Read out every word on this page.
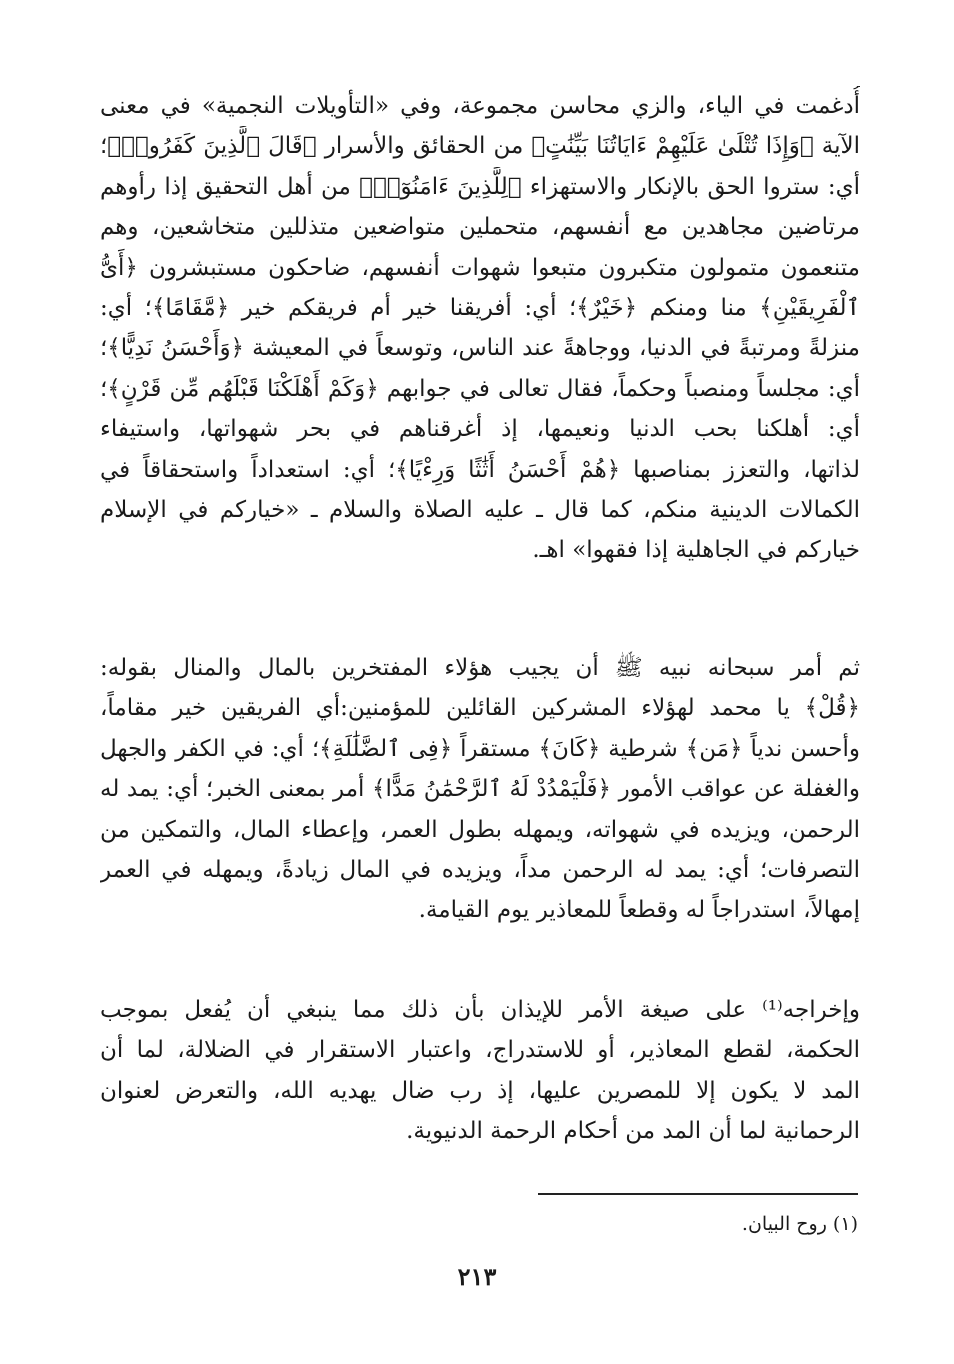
أُدغمت في الياء، والزي محاسن مجموعة، وفي «التأويلات النجمية» في معنى
الآية ﴿وَإِذَا تُتْلَىٰ عَلَيْهِمْ ءَايَاتُنَا بَيِّنَٰتٍ﴾ من الحقائق والأسرار ﴿قَالَ ٱلَّذِينَ كَفَرُوا۟﴾؛
أي: ستروا الحق بالإنكار والاستهزاء ﴿لِلَّذِينَ ءَامَنُوٓا۟﴾ من أهل التحقيق إذا رأوهم
مرتاضين مجاهدين مع أنفسهم، متحملين متواضعين متذللين متخاشعين، وهم
متنعمون متمولون متكبرون متبعوا شهوات أنفسهم، ضاحكون مستبشرون ﴿أَىُّ
ٱلْفَرِيقَيْنِ﴾ منا ومنكم ﴿خَيْرٌ﴾؛ أي: أفريقنا خير أم فريقكم خير ﴿مَّقَامًا﴾؛ أي:
منزلةً ومرتبةً في الدنيا، ووجاهةً عند الناس، وتوسعاً في المعيشة ﴿وَأَحْسَنُ نَدِيًّا﴾؛
أي: مجلساً ومنصباً وحكماً، فقال تعالى في جوابهم ﴿وَكَمْ أَهْلَكْنَا قَبْلَهُم مِّن قَرْنٍ﴾؛
أي: أهلكنا بحب الدنيا ونعيمها، إذ أغرقناهم في بحر شهواتها، واستيفاء
لذاتها، والتعزز بمناصبها ﴿هُمْ أَحْسَنُ أَثَٰثًا وَرِءْيًا﴾؛ أي: استعداداً واستحقاقاً في
الكمالات الدينية منكم، كما قال ـ عليه الصلاة والسلام ـ «خياركم في الإسلام
خياركم في الجاهلية إذا فقهوا» اهـ.
ثم أمر سبحانه نبيه ﷺ أن يجيب هؤلاء المفتخرين بالمال والمنال بقوله:
﴿قُلْ﴾ يا محمد لهؤلاء المشركين القائلين للمؤمنين:أي الفريقين خير مقاماً،
وأحسن ندياً ﴿مَن﴾ شرطية ﴿كَانَ﴾ مستقراً ﴿فِى ٱلضَّلَٰلَةِ﴾؛ أي: في الكفر والجهل
والغفلة عن عواقب الأمور ﴿فَلْيَمْدُدْ لَهُ ٱلرَّحْمَٰنُ مَدًّا﴾ أمر بمعنى الخبر؛ أي: يمد له
الرحمن، ويزيده في شهواته، ويمهله بطول العمر، وإعطاء المال، والتمكين من
التصرفات؛ أي: يمد له الرحمن مداً، ويزيده في المال زيادةً، ويمهله في العمر
إمهالاً، استدراجاً له وقطعاً للمعاذير يوم القيامة.
وإخراجه⁽¹⁾ على صيغة الأمر للإيذان بأن ذلك مما ينبغي أن يُفعل بموجب
الحكمة، لقطع المعاذير، أو للاستدراج، واعتبار الاستقرار في الضلالة، لما أن
المد لا يكون إلا للمصرين عليها، إذ رب ضال يهديه الله، والتعرض لعنوان
الرحمانية لما أن المد من أحكام الرحمة الدنيوية.
(١) روح البيان.
٢١٣
